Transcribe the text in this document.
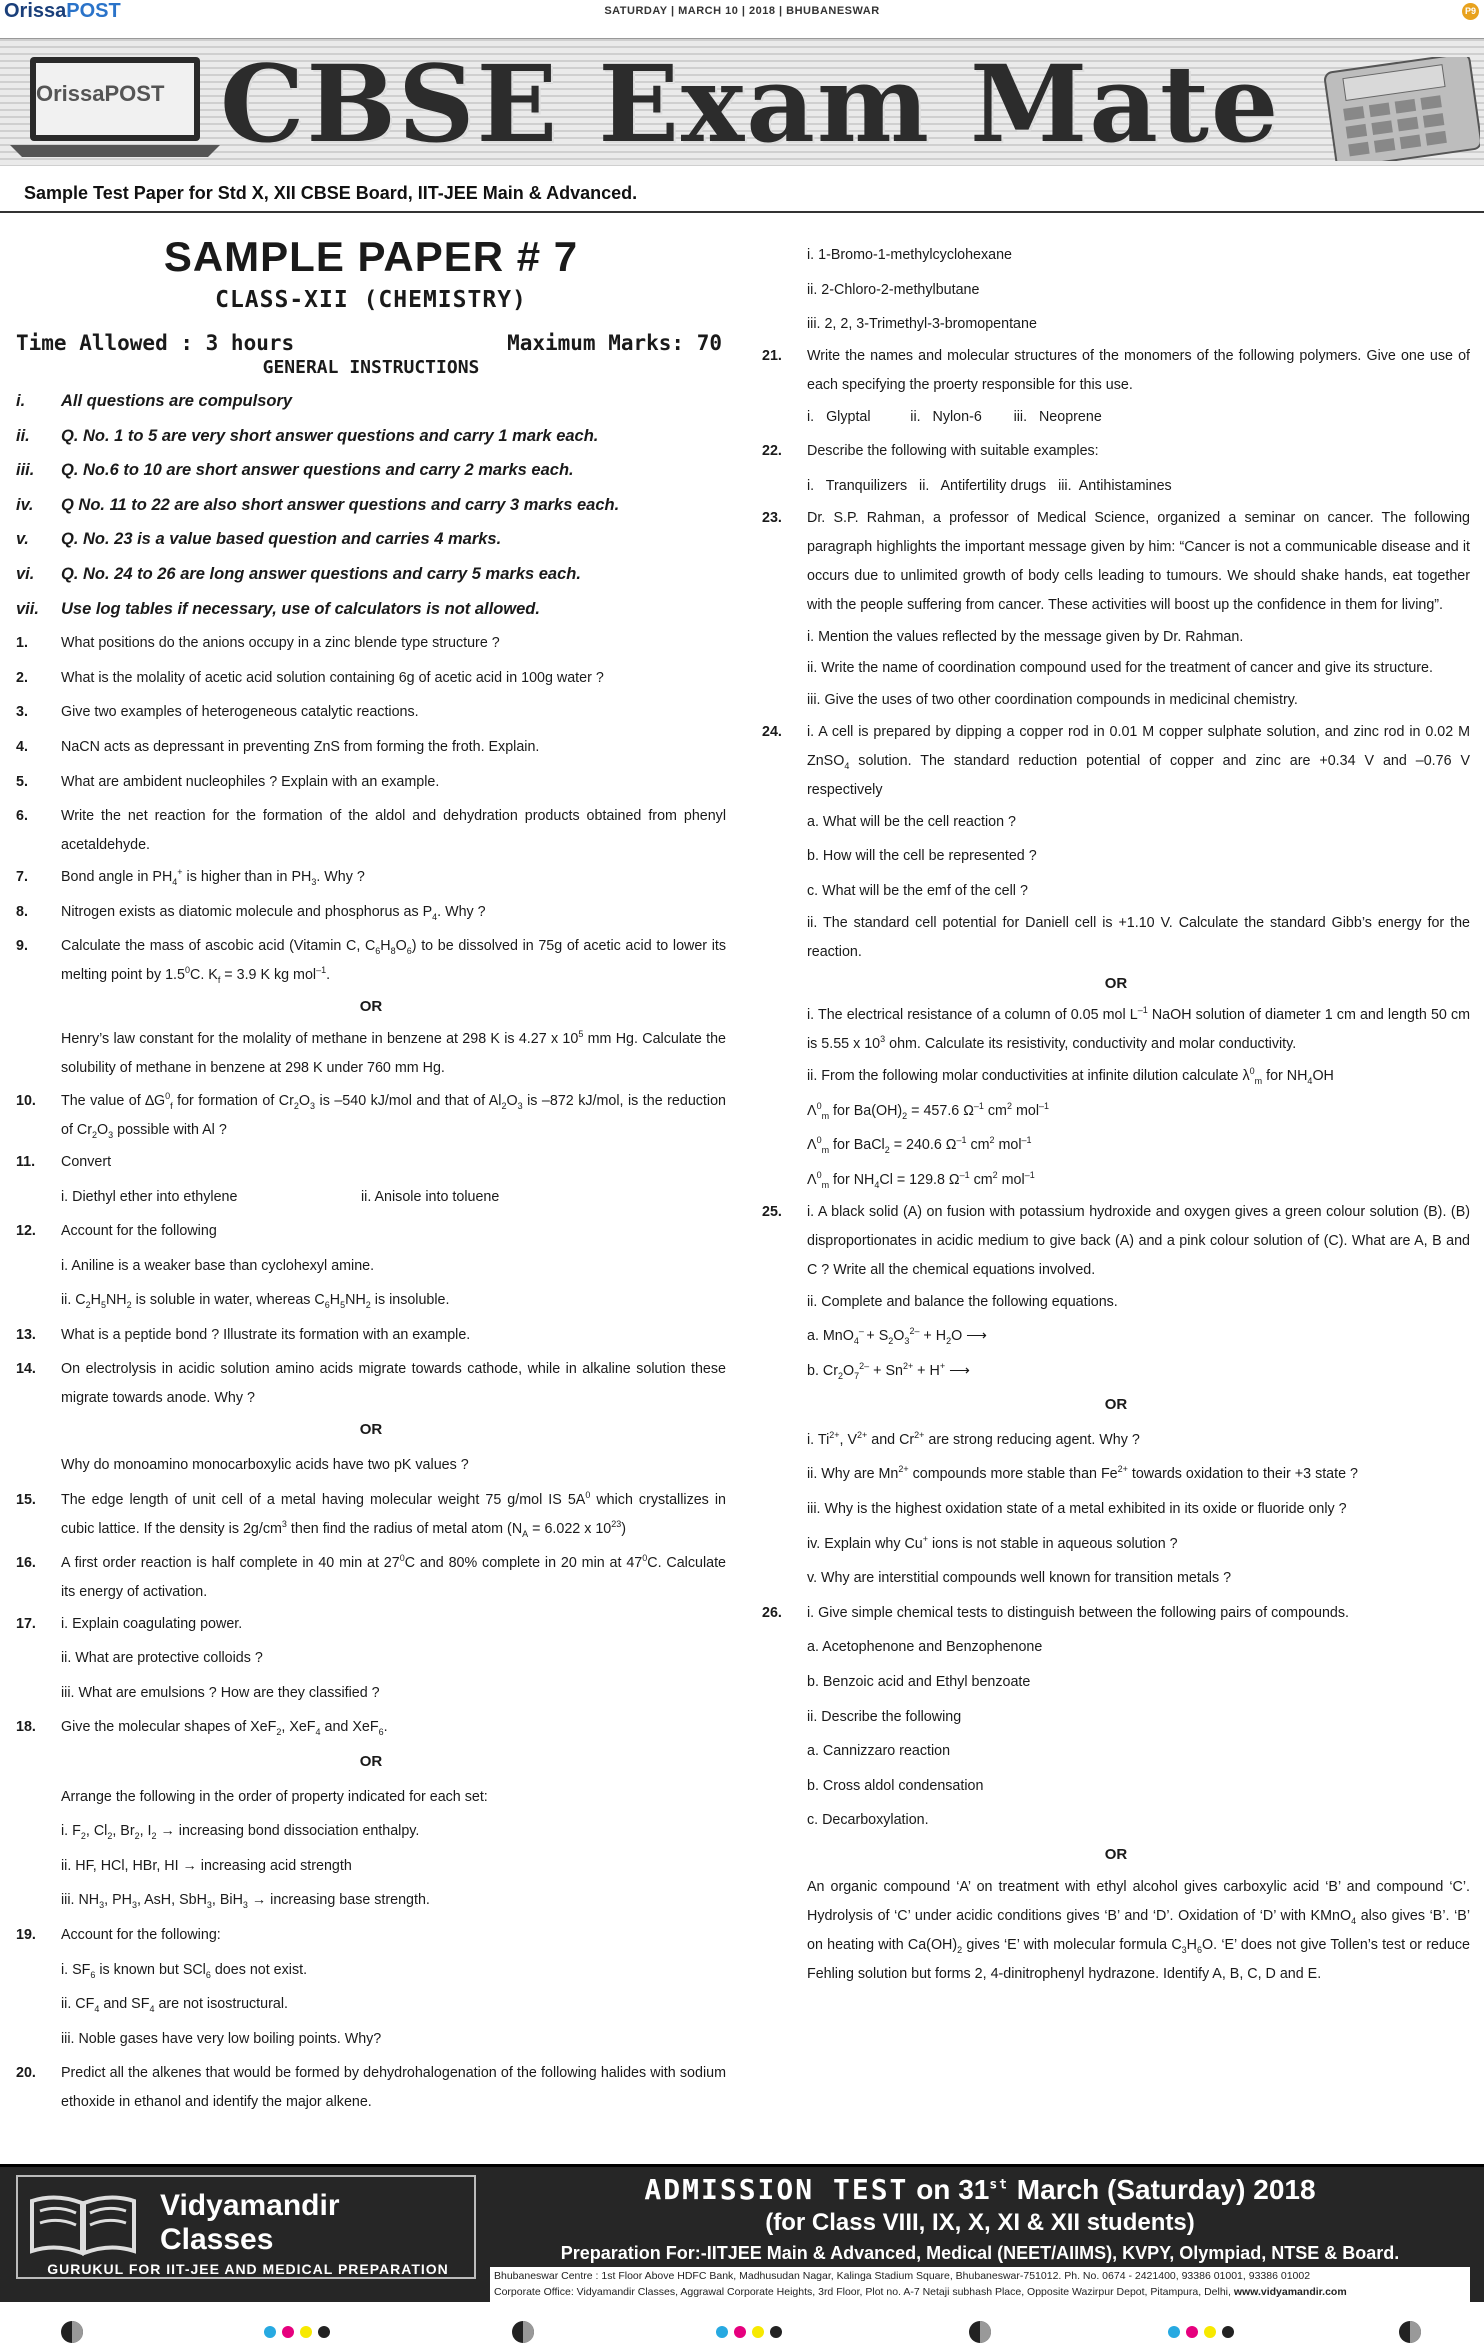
OrissaPOST	SATURDAY | MARCH 10 | 2018 | BHUBANESWAR	P9
OrissaPOST CBSE Exam Mate
Sample Test Paper for Std X, XII CBSE Board, IIT-JEE Main & Advanced.
SAMPLE PAPER # 7
CLASS-XII (CHEMISTRY)
Time Allowed : 3 hours	Maximum Marks: 70
GENERAL INSTRUCTIONS
i.	All questions are compulsory
ii.	Q. No. 1 to 5 are very short answer questions and carry 1 mark each.
iii.	Q. No.6 to 10 are short answer questions and carry 2 marks each.
iv.	Q No. 11 to 22 are also short answer questions and carry 3 marks each.
v.	Q. No. 23 is a value based question and carries 4 marks.
vi.	Q. No. 24 to 26 are long answer questions and carry 5 marks each.
vii.	Use log tables if necessary, use of calculators is not allowed.
1.	What positions do the anions occupy in a zinc blende type structure ?
2.	What is the molality of acetic acid solution containing 6g of acetic acid in 100g water ?
3.	Give two examples of heterogeneous catalytic reactions.
4.	NaCN acts as depressant in preventing ZnS from forming the froth. Explain.
5.	What are ambident nucleophiles ? Explain with an example.
6.	Write the net reaction for the formation of the aldol and dehydration products obtained from phenyl acetaldehyde.
7.	Bond angle in $PH_4^+$ is higher than in $PH_3$. Why ?
8.	Nitrogen exists as diatomic molecule and phosphorus as $P_4$. Why ?
9.	Calculate the mass of ascobic acid (Vitamin C, $C_6H_8O_6$) to be dissolved in 75g of acetic acid to lower its melting point by $1.5^0C$. $K_f = 3.9$ K kg mol$^{-1}$.
OR
Henry’s law constant for the molality of methane in benzene at 298 K is 4.27 x $10^5$ mm Hg. Calculate the solubility of methane in benzene at 298 K under 760 mm Hg.
10.	The value of $\Delta G^0_f$ for formation of $Cr_2O_3$ is –540 kJ/mol and that of $Al_2O_3$ is –872 kJ/mol, is the reduction of $Cr_2O_3$ possible with Al ?
11.	Convert
i. Diethyl ether into ethylene	ii. Anisole into toluene
12.	Account for the following
i. Aniline is a weaker base than cyclohexyl amine.
ii. $C_2H_5NH_2$ is soluble in water, whereas $C_6H_5NH_2$ is insoluble.
13.	What is a peptide bond ? Illustrate its formation with an example.
14.	On electrolysis in acidic solution amino acids migrate towards cathode, while in alkaline solution these migrate towards anode. Why ?
OR
Why do monoamino monocarboxylic acids have two pK values ?
15.	The edge length of unit cell of a metal having molecular weight 75 g/mol IS $5A^0$ which crystallizes in cubic lattice. If the density is $2g/cm^3$ then find the radius of metal atom ($N_A = 6.022$ x $10^{23}$)
16.	A first order reaction is half complete in 40 min at $27^0C$ and 80% complete in 20 min at $47^0C$. Calculate its energy of activation.
17.	i. Explain coagulating power.
ii. What are protective colloids ?
iii. What are emulsions ? How are they classified ?
18.	Give the molecular shapes of XeF$_2$, XeF$_4$ and XeF$_6$.
OR
Arrange the following in the order of property indicated for each set:
i. $F_2$, $Cl_2$, $Br_2$, $I_2$ → increasing bond dissociation enthalpy.
ii. HF, HCl, HBr, HI → increasing acid strength
iii. $NH_3$, $PH_3$, AsH, SbH$_3$, BiH$_3$ → increasing base strength.
19.	Account for the following:
i. $SF_6$ is known but SCl$_6$ does not exist.
ii. $CF_4$ and $SF_4$ are not isostructural.
iii. Noble gases have very low boiling points. Why?
20.	Predict all the alkenes that would be formed by dehydrohalogenation of the following halides with sodium ethoxide in ethanol and identify the major alkene.
i. 1-Bromo-1-methylcyclohexane
ii. 2-Chloro-2-methylbutane
iii. 2, 2, 3-Trimethyl-3-bromopentane
21.	Write the names and molecular structures of the monomers of the following polymers. Give one use of each specifying the proerty responsible for this use.
i.   Glyptal          ii.   Nylon-6        iii.   Neoprene
22.	Describe the following with suitable examples:
i.   Tranquilizers   ii.   Antifertility drugs   iii.  Antihistamines
23.	Dr. S.P. Rahman, a professor of Medical Science, organized a seminar on cancer. The following paragraph highlights the important message given by him: “Cancer is not a communicable disease and it occurs due to unlimited growth of body cells leading to tumours. We should shake hands, eat together with the people suffering from cancer. These activities will boost up the confidence in them for living”.
i. Mention the values reflected by the message given by Dr. Rahman.
ii. Write the name of coordination compound used for the treatment of cancer and give its structure.
iii. Give the uses of two other coordination compounds in medicinal chemistry.
24.	i. A cell is prepared by dipping a copper rod in 0.01 M copper sulphate solution, and zinc rod in 0.02 M ZnSO$_4$ solution. The standard reduction potential of copper and zinc are +0.34 V and –0.76 V respectively
a. What will be the cell reaction ?
b. How will the cell be represented ?
c. What will be the emf of the cell ?
ii. The standard cell potential for Daniell cell is +1.10 V. Calculate the standard Gibb’s energy for the reaction.
OR
i. The electrical resistance of a column of 0.05 mol $L^{-1}$ NaOH solution of diameter 1 cm and length 50 cm is 5.55 x $10^3$ ohm. Calculate its resistivity, conductivity and molar conductivity.
ii. From the following molar conductivities at infinite dilution calculate $\lambda^0_m$ for $NH_4OH$
$\Lambda^0_m$ for $Ba(OH)_2 = 457.6$ $\Omega^{-1}$ $cm^2$ mol$^{-1}$
$\Lambda^0_m$ for BaCl$_2$ = 240.6 $\Omega^{-1}$ $cm^2$ mol$^{-1}$
$\Lambda^0_m$ for $NH_4Cl = 129.8$ $\Omega^{-1}$ $cm^2$ mol$^{-1}$
25.	i. A black solid (A) on fusion with potassium hydroxide and oxygen gives a green colour solution (B). (B) disproportionates in acidic medium to give back (A) and a pink colour solution of (C). What are A, B and C ? Write all the chemical equations involved.
ii. Complete and balance the following equations.
a. $MnO_4^- + S_2O_3^{2-} + H_2O$ ⟶
b. $Cr_2O_7^{2-} + Sn^{2+} + H^+$ ⟶
OR
i. $Ti^{2+}$, $V^{2+}$ and $Cr^{2+}$ are strong reducing agent. Why ?
ii. Why are $Mn^{2+}$ compounds more stable than $Fe^{2+}$ towards oxidation to their +3 state ?
iii. Why is the highest oxidation state of a metal exhibited in its oxide or fluoride only ?
iv. Explain why Cu+ ions is not stable in aqueous solution ?
v. Why are interstitial compounds well known for transition metals ?
26.	i. Give simple chemical tests to distinguish between the following pairs of compounds.
a. Acetophenone and Benzophenone
b. Benzoic acid and Ethyl benzoate
ii. Describe the following
a. Cannizzaro reaction
b. Cross aldol condensation
c. Decarboxylation.
OR
An organic compound ‘A’ on treatment with ethyl alcohol gives carboxylic acid ‘B’ and compound ‘C’. Hydrolysis of ‘C’ under acidic conditions gives ‘B’ and ‘D’. Oxidation of ‘D’ with KMnO$_4$ also gives ‘B’. ‘B’ on heating with $Ca(OH)_2$ gives ‘E’ with molecular formula $C_3H_6O$. ‘E’ does not give Tollen’s test or reduce Fehling solution but forms 2, 4-dinitrophenyl hydrazone. Identify A, B, C, D and E.
Vidyamandir
Classes
GURUKUL FOR IIT-JEE AND MEDICAL PREPARATION
ADMISSION TEST on 31st March (Saturday) 2018
(for Class VIII, IX, X, XI & XII students)
Preparation For:-IITJEE Main & Advanced, Medical (NEET/AIIMS), KVPY, Olympiad, NTSE & Board.
Bhubaneswar Centre : 1st Floor Above HDFC Bank, Madhusudan Nagar, Kalinga Stadium Square, Bhubaneswar-751012. Ph. No. 0674 - 2421400, 93386 01001, 93386 01002
Corporate Office: Vidyamandir Classes, Aggrawal Corporate Heights, 3rd Floor, Plot no. A-7 Netaji subhash Place, Opposite Wazirpur Depot, Pitampura, Delhi, www.vidyamandir.com
